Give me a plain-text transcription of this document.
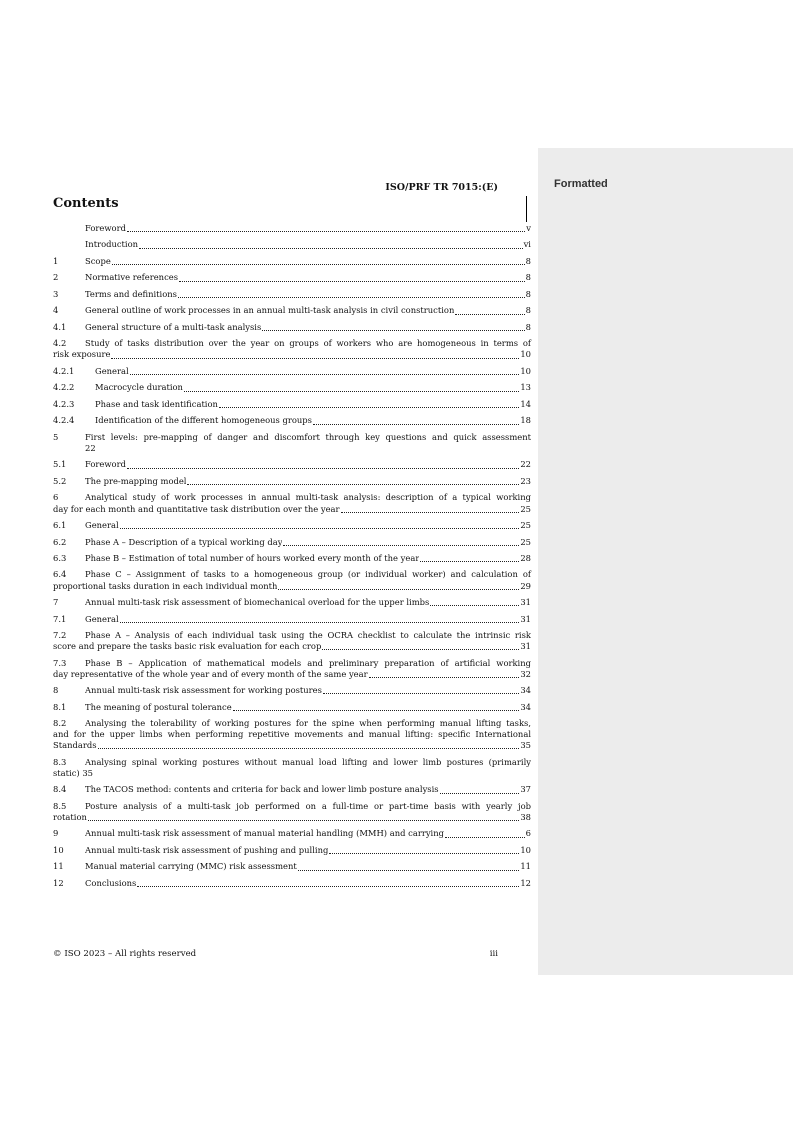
Formatted
ISO/PRF TR 7015:(E)
Contents
Foreword	v
Introduction	vi
1	Scope	8
2	Normative references	8
3	Terms and definitions	8
4	General outline of work processes in an annual multi-task analysis in civil construction	8
4.1	General structure of a multi-task analysis	8
4.2 Study of tasks distribution over the year on groups of workers who are homogeneous in terms of
risk exposure	10
4.2.1	General	10
4.2.2	Macrocycle duration	13
4.2.3	Phase and task identification	14
4.2.4	Identification of the different homogeneous groups	18
5	First levels: pre-mapping of danger and discomfort through key questions and quick assessment
22
5.1	Foreword	22
5.2	The pre-mapping model	23
6	Analytical study of work processes in annual multi-task analysis: description of a typical working
day for each month and quantitative task distribution over the year	25
6.1	General	25
6.2	Phase A – Description of a typical working day	25
6.3	Phase B – Estimation of total number of hours worked every month of the year	28
6.4 Phase C – Assignment of tasks to a homogeneous group (or individual worker) and calculation of
proportional tasks duration in each individual month	29
7	Annual multi-task risk assessment of biomechanical overload for the upper limbs	31
7.1	General	31
7.2 Phase A – Analysis of each individual task using the OCRA checklist to calculate the intrinsic risk
score and prepare the tasks basic risk evaluation for each crop	31
7.3 Phase B – Application of mathematical models and preliminary preparation of artificial working
day representative of the whole year and of every month of the same year	32
8	Annual multi-task risk assessment for working postures	34
8.1	The meaning of postural tolerance	34
8.2 Analysing the tolerability of working postures for the spine when performing manual lifting tasks,
and for the upper limbs when performing repetitive movements and manual lifting: specific International
Standards	35
8.3 Analysing spinal working postures without manual load lifting and lower limb postures (primarily
static) 35
8.4	The TACOS method: contents and criteria for back and lower limb posture analysis	37
8.5 Posture analysis of a multi-task job performed on a full-time or part-time basis with yearly job
rotation	38
9	Annual multi-task risk assessment of manual material handling (MMH) and carrying	6
10	Annual multi-task risk assessment of pushing and pulling	10
11	Manual material carrying (MMC) risk assessment	11
12	Conclusions	12
© ISO 2023 – All rights reserved	iii
